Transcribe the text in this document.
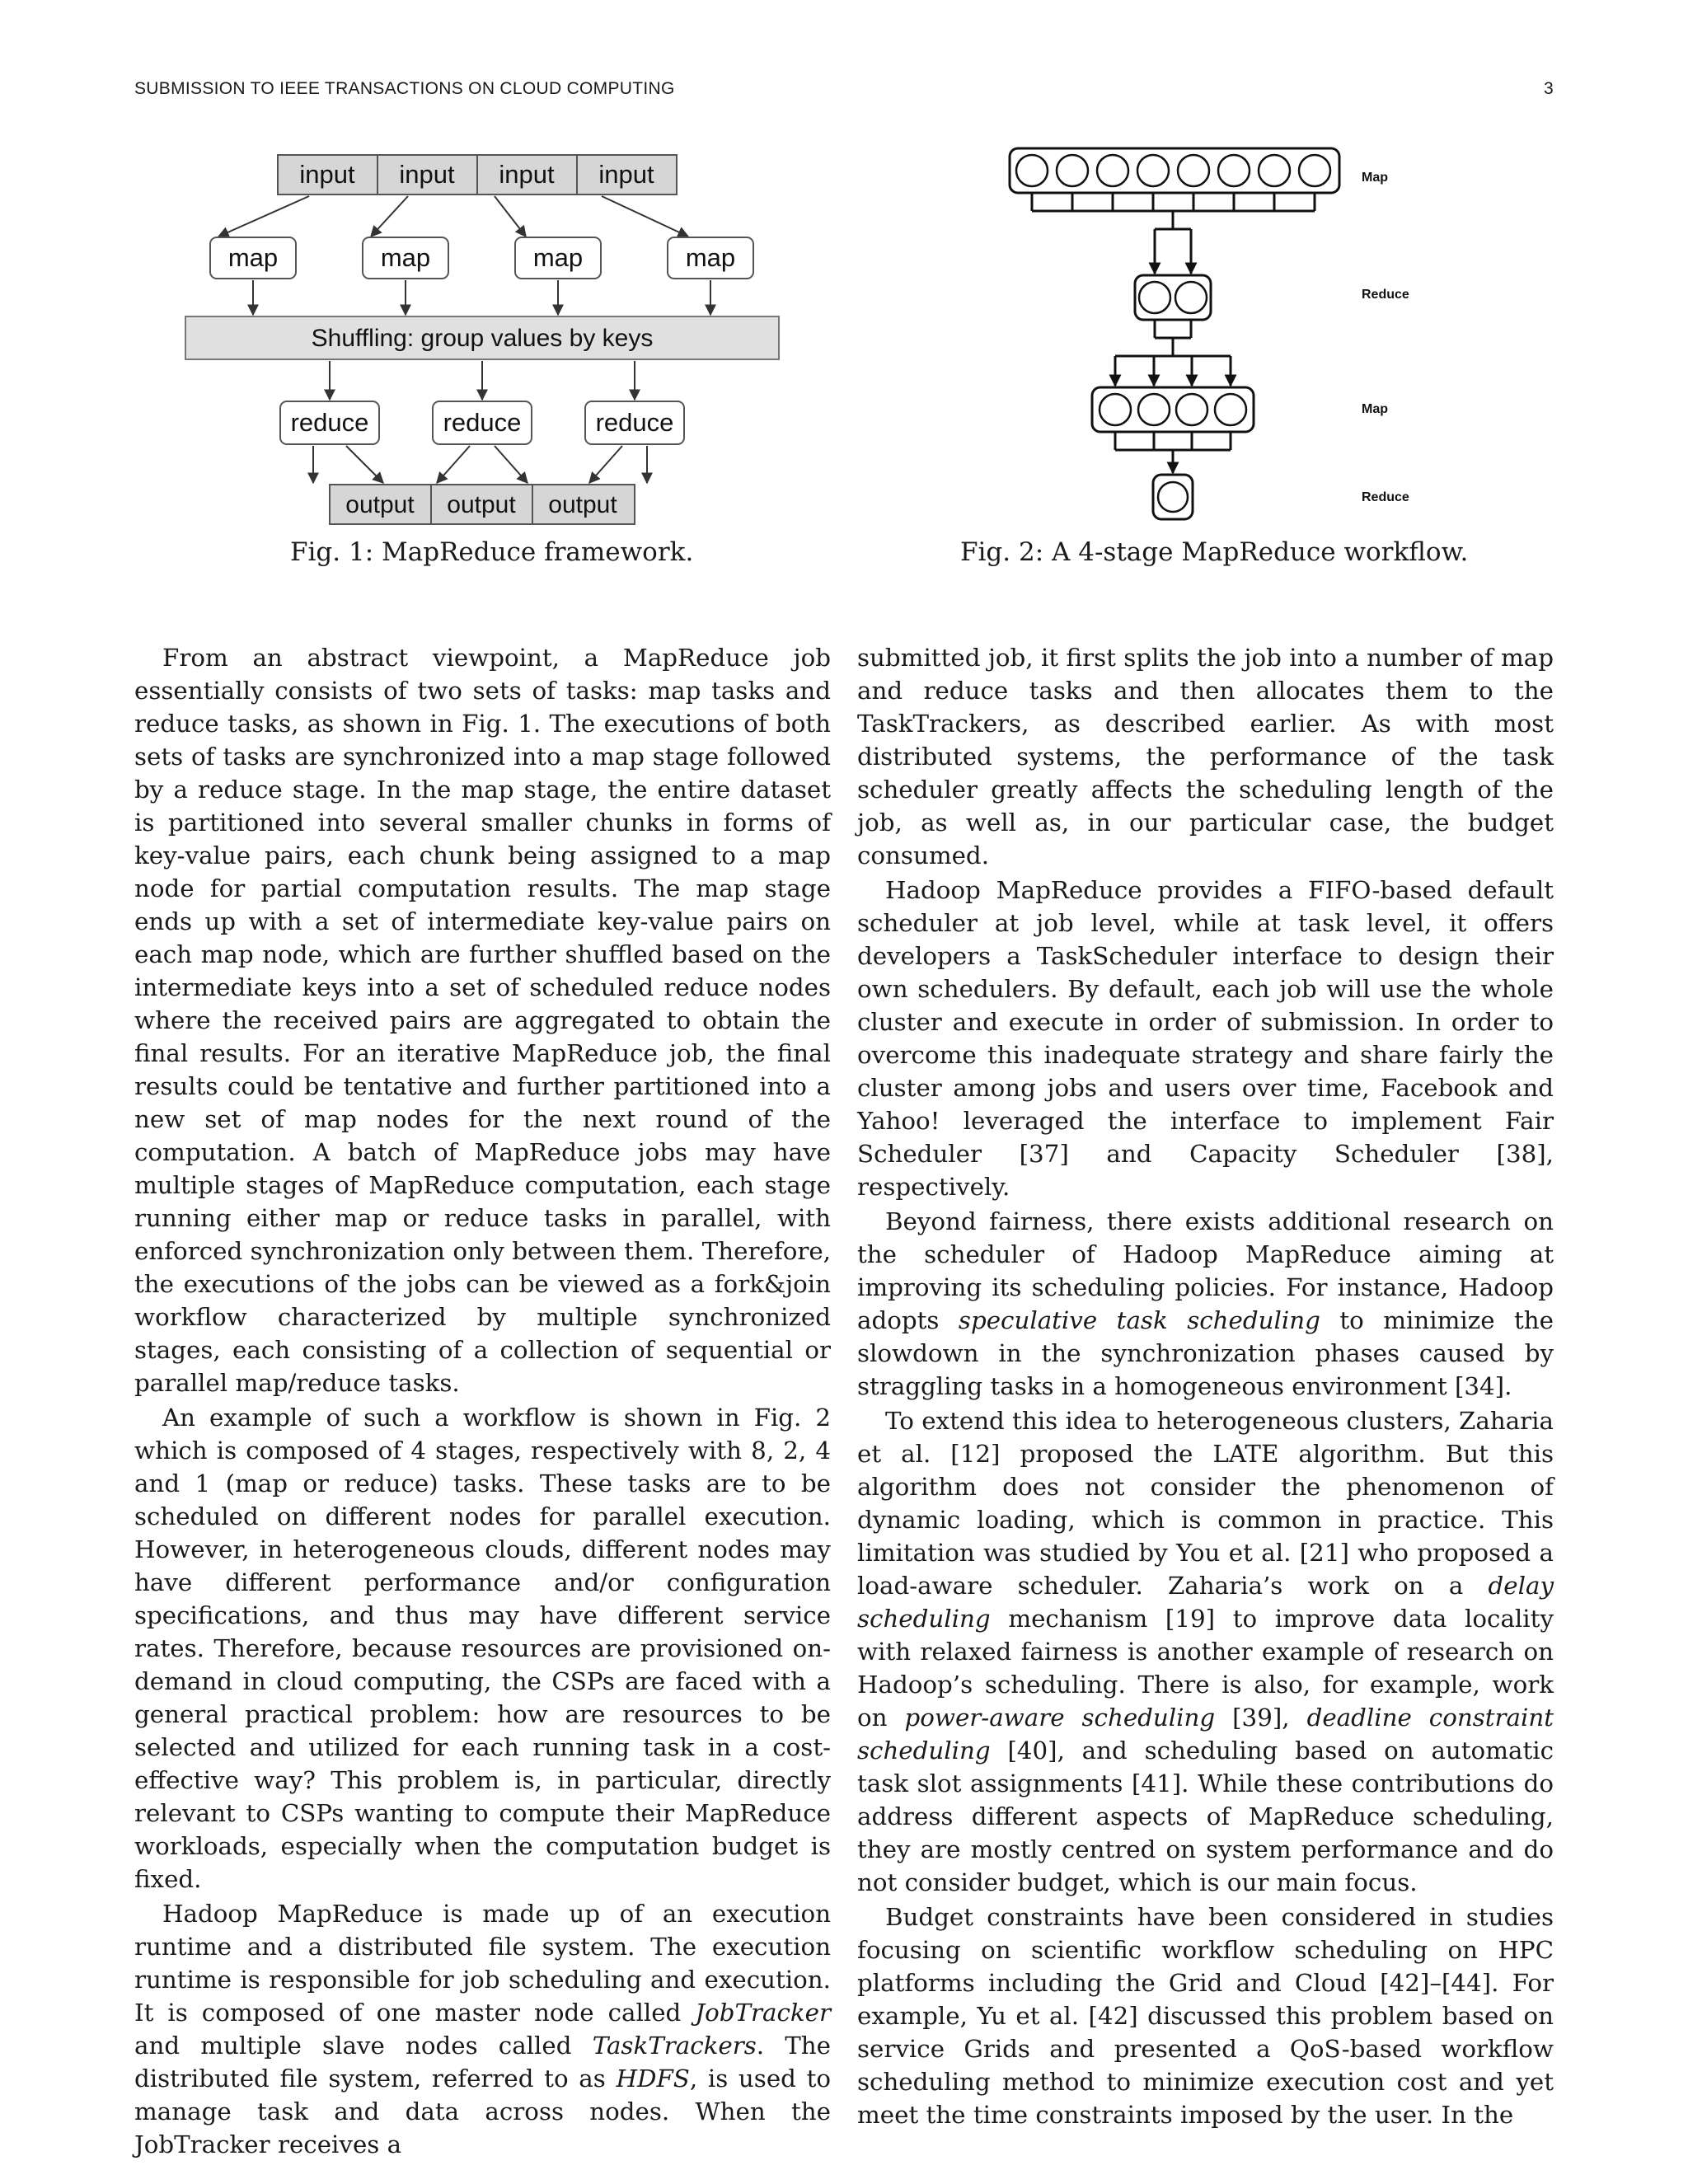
SUBMISSION TO IEEE TRANSACTIONS ON CLOUD COMPUTING	3
input input input input
map	map	map	map
Shuffling: group values by keys
reduce	reduce	reduce
output output output
Fig. 1: MapReduce framework.
Map
Reduce
Map
Reduce
Fig. 2: A 4-stage MapReduce workflow.

From an abstract viewpoint, a MapReduce job essentially consists of two sets of tasks: map tasks and reduce tasks, as shown in Fig. 1. The executions of both sets of tasks are synchronized into a map stage followed by a reduce stage. In the map stage, the entire dataset is partitioned into several smaller chunks in forms of key-value pairs, each chunk being assigned to a map node for partial computation results. The map stage ends up with a set of intermediate key-value pairs on each map node, which are further shuffled based on the intermediate keys into a set of scheduled reduce nodes where the received pairs are aggregated to obtain the final results. For an iterative MapReduce job, the final results could be tentative and further partitioned into a new set of map nodes for the next round of the computation. A batch of MapReduce jobs may have multiple stages of MapReduce computation, each stage running either map or reduce tasks in parallel, with enforced synchronization only between them. Therefore, the executions of the jobs can be viewed as a fork&join workflow characterized by multiple synchronized stages, each consisting of a collection of sequential or parallel map/reduce tasks.

An example of such a workflow is shown in Fig. 2 which is composed of 4 stages, respectively with 8, 2, 4 and 1 (map or reduce) tasks. These tasks are to be scheduled on different nodes for parallel execution. However, in heterogeneous clouds, different nodes may have different performance and/or configuration specifications, and thus may have different service rates. Therefore, because resources are provisioned on-demand in cloud computing, the CSPs are faced with a general practical problem: how are resources to be selected and utilized for each running task in a cost-effective way? This problem is, in particular, directly relevant to CSPs wanting to compute their MapReduce workloads, especially when the computation budget is fixed.

Hadoop MapReduce is made up of an execution runtime and a distributed file system. The execution runtime is responsible for job scheduling and execution. It is composed of one master node called JobTracker and multiple slave nodes called TaskTrackers. The distributed file system, referred to as HDFS, is used to manage task and data across nodes. When the JobTracker receives a

submitted job, it first splits the job into a number of map and reduce tasks and then allocates them to the TaskTrackers, as described earlier. As with most distributed systems, the performance of the task scheduler greatly affects the scheduling length of the job, as well as, in our particular case, the budget consumed.

Hadoop MapReduce provides a FIFO-based default scheduler at job level, while at task level, it offers developers a TaskScheduler interface to design their own schedulers. By default, each job will use the whole cluster and execute in order of submission. In order to overcome this inadequate strategy and share fairly the cluster among jobs and users over time, Facebook and Yahoo! leveraged the interface to implement Fair Scheduler [37] and Capacity Scheduler [38], respectively.

Beyond fairness, there exists additional research on the scheduler of Hadoop MapReduce aiming at improving its scheduling policies. For instance, Hadoop adopts speculative task scheduling to minimize the slowdown in the synchronization phases caused by straggling tasks in a homogeneous environment [34].

To extend this idea to heterogeneous clusters, Zaharia et al. [12] proposed the LATE algorithm. But this algorithm does not consider the phenomenon of dynamic loading, which is common in practice. This limitation was studied by You et al. [21] who proposed a load-aware scheduler. Zaharia’s work on a delay scheduling mechanism [19] to improve data locality with relaxed fairness is another example of research on Hadoop’s scheduling. There is also, for example, work on power-aware scheduling [39], deadline constraint scheduling [40], and scheduling based on automatic task slot assignments [41]. While these contributions do address different aspects of MapReduce scheduling, they are mostly centred on system performance and do not consider budget, which is our main focus.

Budget constraints have been considered in studies focusing on scientific workflow scheduling on HPC platforms including the Grid and Cloud [42]–[44]. For example, Yu et al. [42] discussed this problem based on service Grids and presented a QoS-based workflow scheduling method to minimize execution cost and yet meet the time constraints imposed by the user. In the
